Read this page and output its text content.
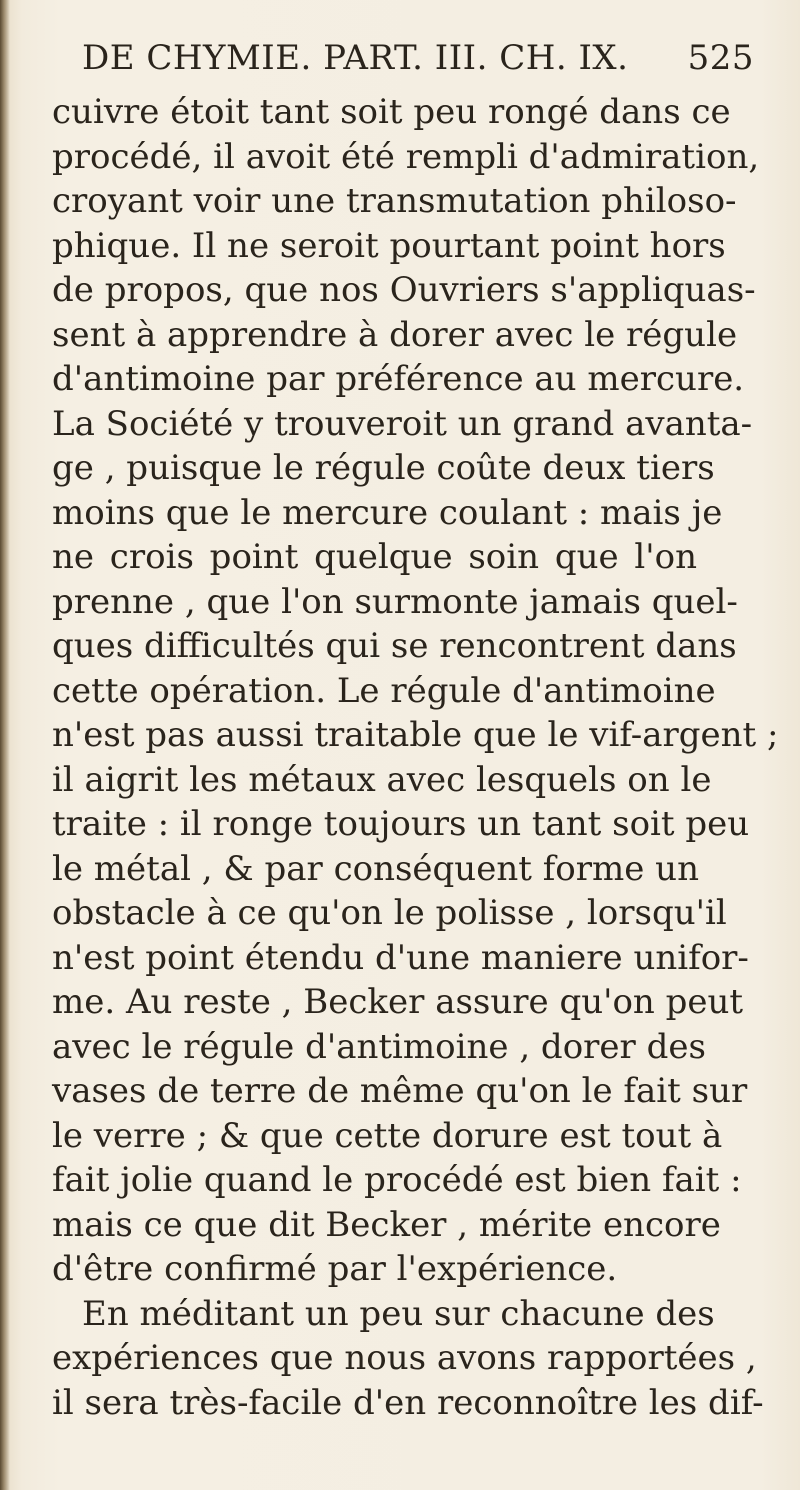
DE CHYMIE. PART. III. CH. IX. 525
cuivre étoit tant soit peu rongé dans ce
procédé, il avoit été rempli d'admiration,
croyant voir une transmutation philoso-
phique. Il ne seroit pourtant point hors
de propos, que nos Ouvriers s'appliquas-
sent à apprendre à dorer avec le régule
d'antimoine par préférence au mercure.
La Société y trouveroit un grand avanta-
ge , puisque le régule coûte deux tiers
moins que le mercure coulant : mais je
ne crois point quelque soin que l'on
prenne , que l'on surmonte jamais quel-
ques difficultés qui se rencontrent dans
cette opération. Le régule d'antimoine
n'est pas aussi traitable que le vif-argent ;
il aigrit les métaux avec lesquels on le
traite : il ronge toujours un tant soit peu
le métal , & par conséquent forme un
obstacle à ce qu'on le polisse , lorsqu'il
n'est point étendu d'une maniere unifor-
me. Au reste , Becker assure qu'on peut
avec le régule d'antimoine , dorer des
vases de terre de même qu'on le fait sur
le verre ; & que cette dorure est tout à
fait jolie quand le procédé est bien fait :
mais ce que dit Becker , mérite encore
d'être confirmé par l'expérience.
En méditant un peu sur chacune des
expériences que nous avons rapportées ,
il sera très-facile d'en reconnoître les dif-
